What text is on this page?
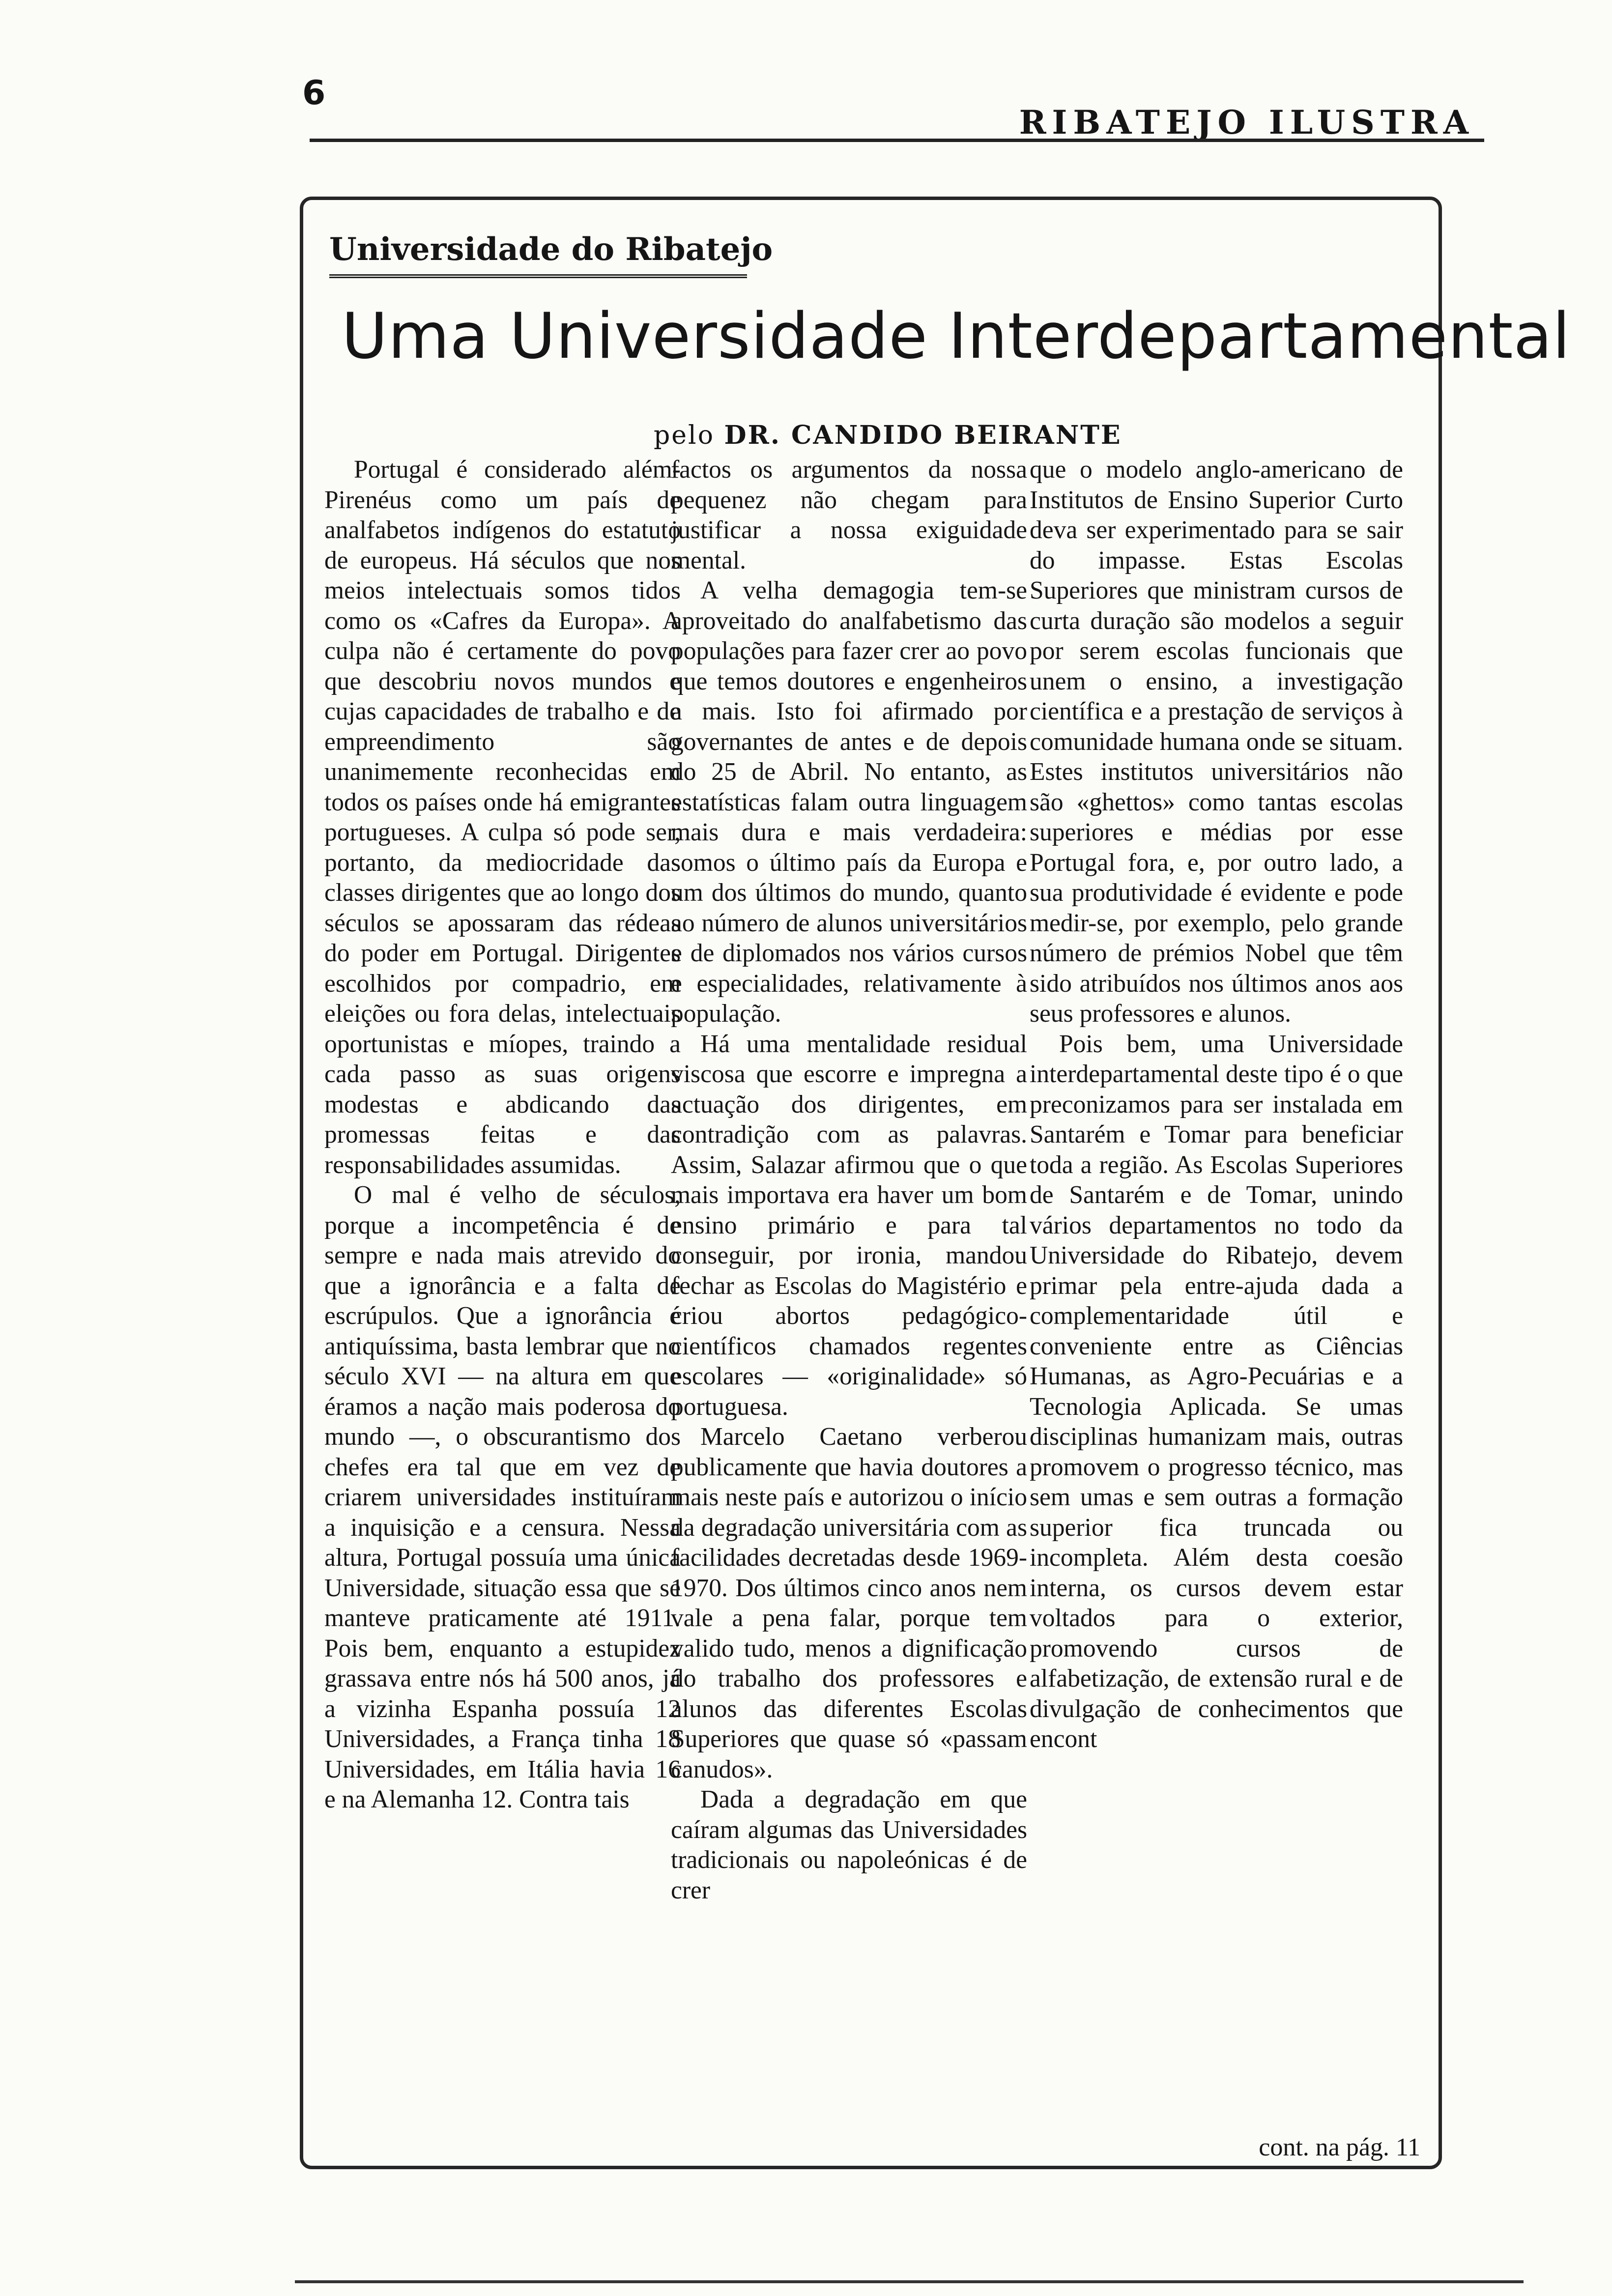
6
RIBATEJO ILUSTRA
Universidade do Ribatejo
Uma Universidade Interdepartamental
pelo DR. CANDIDO BEIRANTE

Portugal é considerado além-Pirenéus como um país de analfabetos indígenos do estatuto de europeus. Há séculos que nos meios intelectuais somos tidos como os «Cafres da Europa». A culpa não é certamente do povo que descobriu novos mundos e cujas capacidades de trabalho e de empreendimento são unanimemente reconhecidas em todos os países onde há emigrantes portugueses. A culpa só pode ser, portanto, da mediocridade das classes dirigentes que ao longo dos séculos se apossaram das rédeas do poder em Portugal. Dirigentes escolhidos por compadrio, em eleições ou fora delas, intelectuais oportunistas e míopes, traindo a cada passo as suas origens modestas e abdicando das promessas feitas e das responsabilidades assumidas.

O mal é velho de séculos, porque a incompetência é de sempre e nada mais atrevido do que a ignorância e a falta de escrúpulos. Que a ignorância é antiquíssima, basta lembrar que no século XVI — na altura em que éramos a nação mais poderosa do mundo —, o obscurantismo dos chefes era tal que em vez de criarem universidades instituíram a inquisição e a censura. Nessa altura, Portugal possuía uma única Universidade, situação essa que se manteve praticamente até 1911. Pois bem, enquanto a estupidez grassava entre nós há 500 anos, já a vizinha Espanha possuía 12 Universidades, a França tinha 18 Universidades, em Itália havia 16 e na Alemanha 12. Contra tais

factos os argumentos da nossa pequenez não chegam para justificar a nossa exiguidade mental.

A velha demagogia tem-se aproveitado do analfabetismo das populações para fazer crer ao povo que temos doutores e engenheiros a mais. Isto foi afirmado por governantes de antes e de depois do 25 de Abril. No entanto, as estatísticas falam outra linguagem mais dura e mais verdadeira: somos o último país da Europa e um dos últimos do mundo, quanto ao número de alunos universitários e de diplomados nos vários cursos e especialidades, relativamente à população.

Há uma mentalidade residual viscosa que escorre e impregna a actuação dos dirigentes, em contradição com as palavras. Assim, Salazar afirmou que o que mais importava era haver um bom ensino primário e para tal conseguir, por ironia, mandou fechar as Escolas do Magistério e criou abortos pedagógico-científicos chamados regentes escolares — «originalidade» só portuguesa.

Marcelo Caetano verberou publicamente que havia doutores a mais neste país e autorizou o início da degradação universitária com as facilidades decretadas desde 1969-1970. Dos últimos cinco anos nem vale a pena falar, porque tem valido tudo, menos a dignificação do trabalho dos professores e alunos das diferentes Escolas Superiores que quase só «passam canudos».

Dada a degradação em que caíram algumas das Universidades tradicionais ou napoleónicas é de crer

que o modelo anglo-americano de Institutos de Ensino Superior Curto deva ser experimentado para se sair do impasse. Estas Escolas Superiores que ministram cursos de curta duração são modelos a seguir por serem escolas funcionais que unem o ensino, a investigação científica e a prestação de serviços à comunidade humana onde se situam. Estes institutos universitários não são «ghettos» como tantas escolas superiores e médias por esse Portugal fora, e, por outro lado, a sua produtividade é evidente e pode medir-se, por exemplo, pelo grande número de prémios Nobel que têm sido atribuídos nos últimos anos aos seus professores e alunos.

Pois bem, uma Universidade interdepartamental deste tipo é o que preconizamos para ser instalada em Santarém e Tomar para beneficiar toda a região. As Escolas Superiores de Santarém e de Tomar, unindo vários departamentos no todo da Universidade do Ribatejo, devem primar pela entre-ajuda dada a complementaridade útil e conveniente entre as Ciências Humanas, as Agro-Pecuárias e a Tecnologia Aplicada. Se umas disciplinas humanizam mais, outras promovem o progresso técnico, mas sem umas e sem outras a formação superior fica truncada ou incompleta. Além desta coesão interna, os cursos devem estar voltados para o exterior, promovendo cursos de alfabetização, de extensão rural e de divulgação de conhecimentos que encont

cont. na pág. 11
